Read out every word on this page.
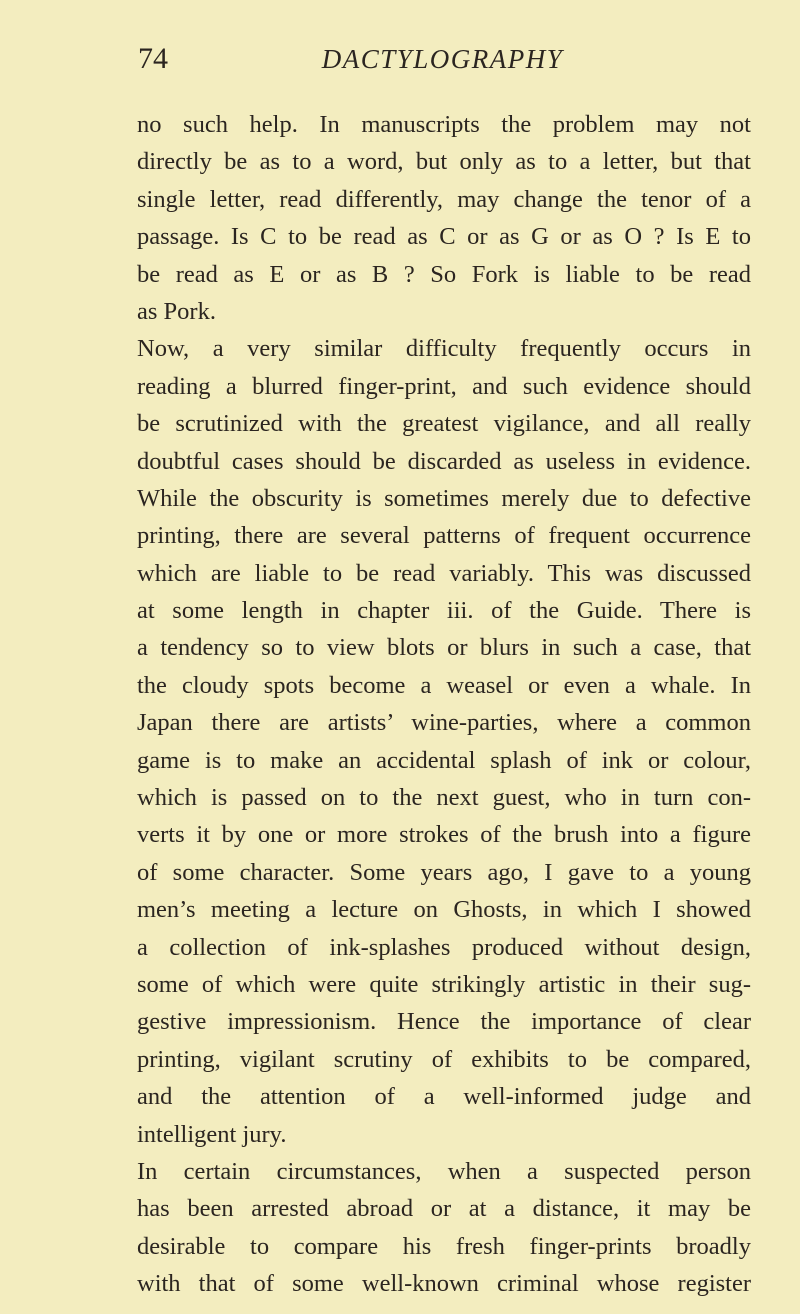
74	DACTYLOGRAPHY
no such help. In manuscripts the problem may not
directly be as to a word, but only as to a letter, but that
single letter, read differently, may change the tenor of a
passage. Is C to be read as C or as G or as O ? Is E to
be read as E or as B ? So Fork is liable to be read
as Pork.
Now, a very similar difficulty frequently occurs in
reading a blurred finger-print, and such evidence should
be scrutinized with the greatest vigilance, and all really
doubtful cases should be discarded as useless in evidence.
While the obscurity is sometimes merely due to defective
printing, there are several patterns of frequent occurrence
which are liable to be read variably. This was discussed
at some length in chapter iii. of the Guide. There is
a tendency so to view blots or blurs in such a case, that
the cloudy spots become a weasel or even a whale. In
Japan there are artists’ wine-parties, where a common
game is to make an accidental splash of ink or colour,
which is passed on to the next guest, who in turn con-
verts it by one or more strokes of the brush into a figure
of some character. Some years ago, I gave to a young
men’s meeting a lecture on Ghosts, in which I showed
a collection of ink-splashes produced without design,
some of which were quite strikingly artistic in their sug-
gestive impressionism. Hence the importance of clear
printing, vigilant scrutiny of exhibits to be compared,
and the attention of a well-informed judge and
intelligent jury.
In certain circumstances, when a suspected person
has been arrested abroad or at a distance, it may be
desirable to compare his fresh finger-prints broadly
with that of some well-known criminal whose register
